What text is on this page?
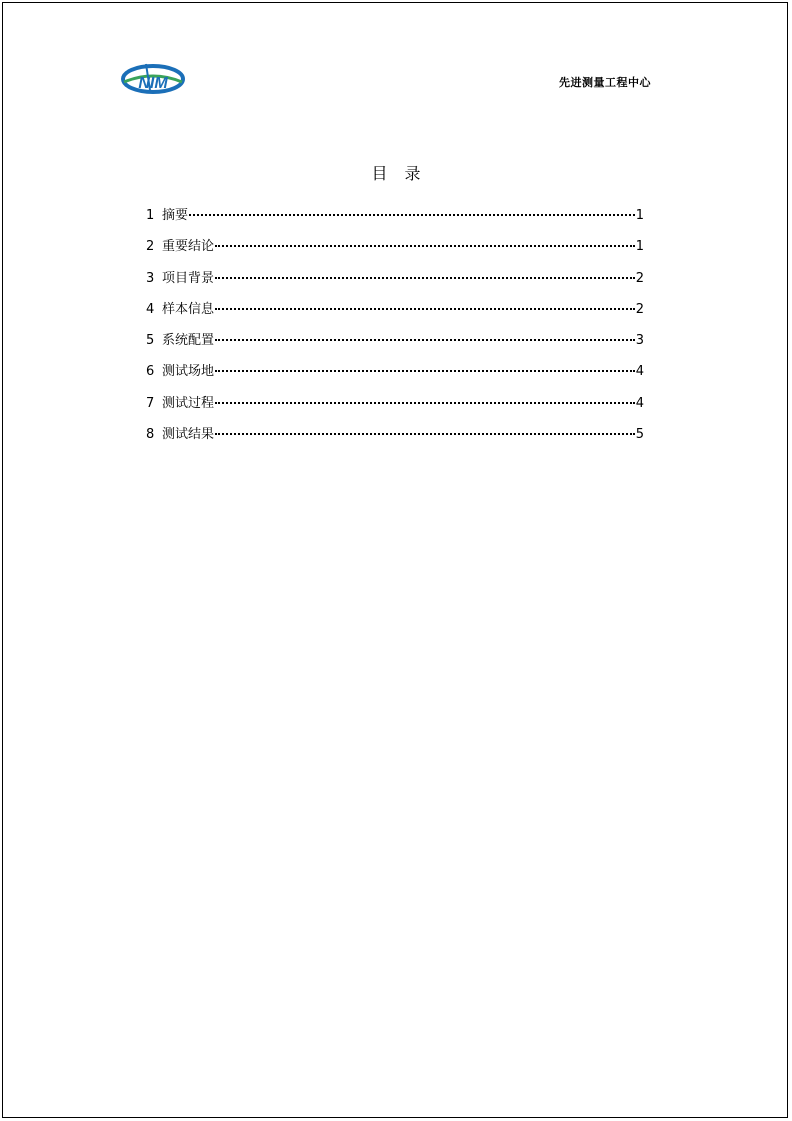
NIM	先进测量工程中心
目 录
1 摘要	1
2 重要结论	1
3 项目背景	2
4 样本信息	2
5 系统配置	3
6 测试场地	4
7 测试过程	4
8 测试结果	5
